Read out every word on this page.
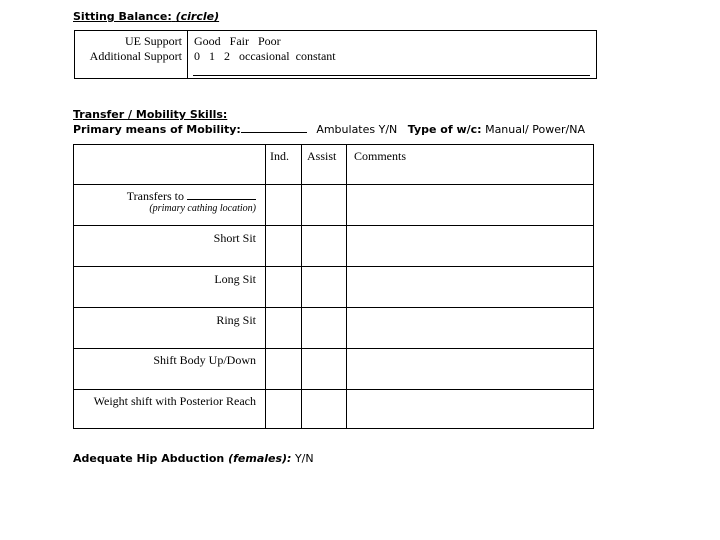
Sitting Balance: (circle)
UE Support
Additional Support
Good   Fair   Poor
0   1   2   occasional  constant
Transfer / Mobility Skills:
Primary means of Mobility:	Ambulates Y/N Type of w/c: Manual/ Power/NA
Ind. Assist Comments
Transfers to
(primary cathing location)
Short Sit
Long Sit
Ring Sit
Shift Body Up/Down
Weight shift with Posterior Reach
Adequate Hip Abduction (females): Y/N
